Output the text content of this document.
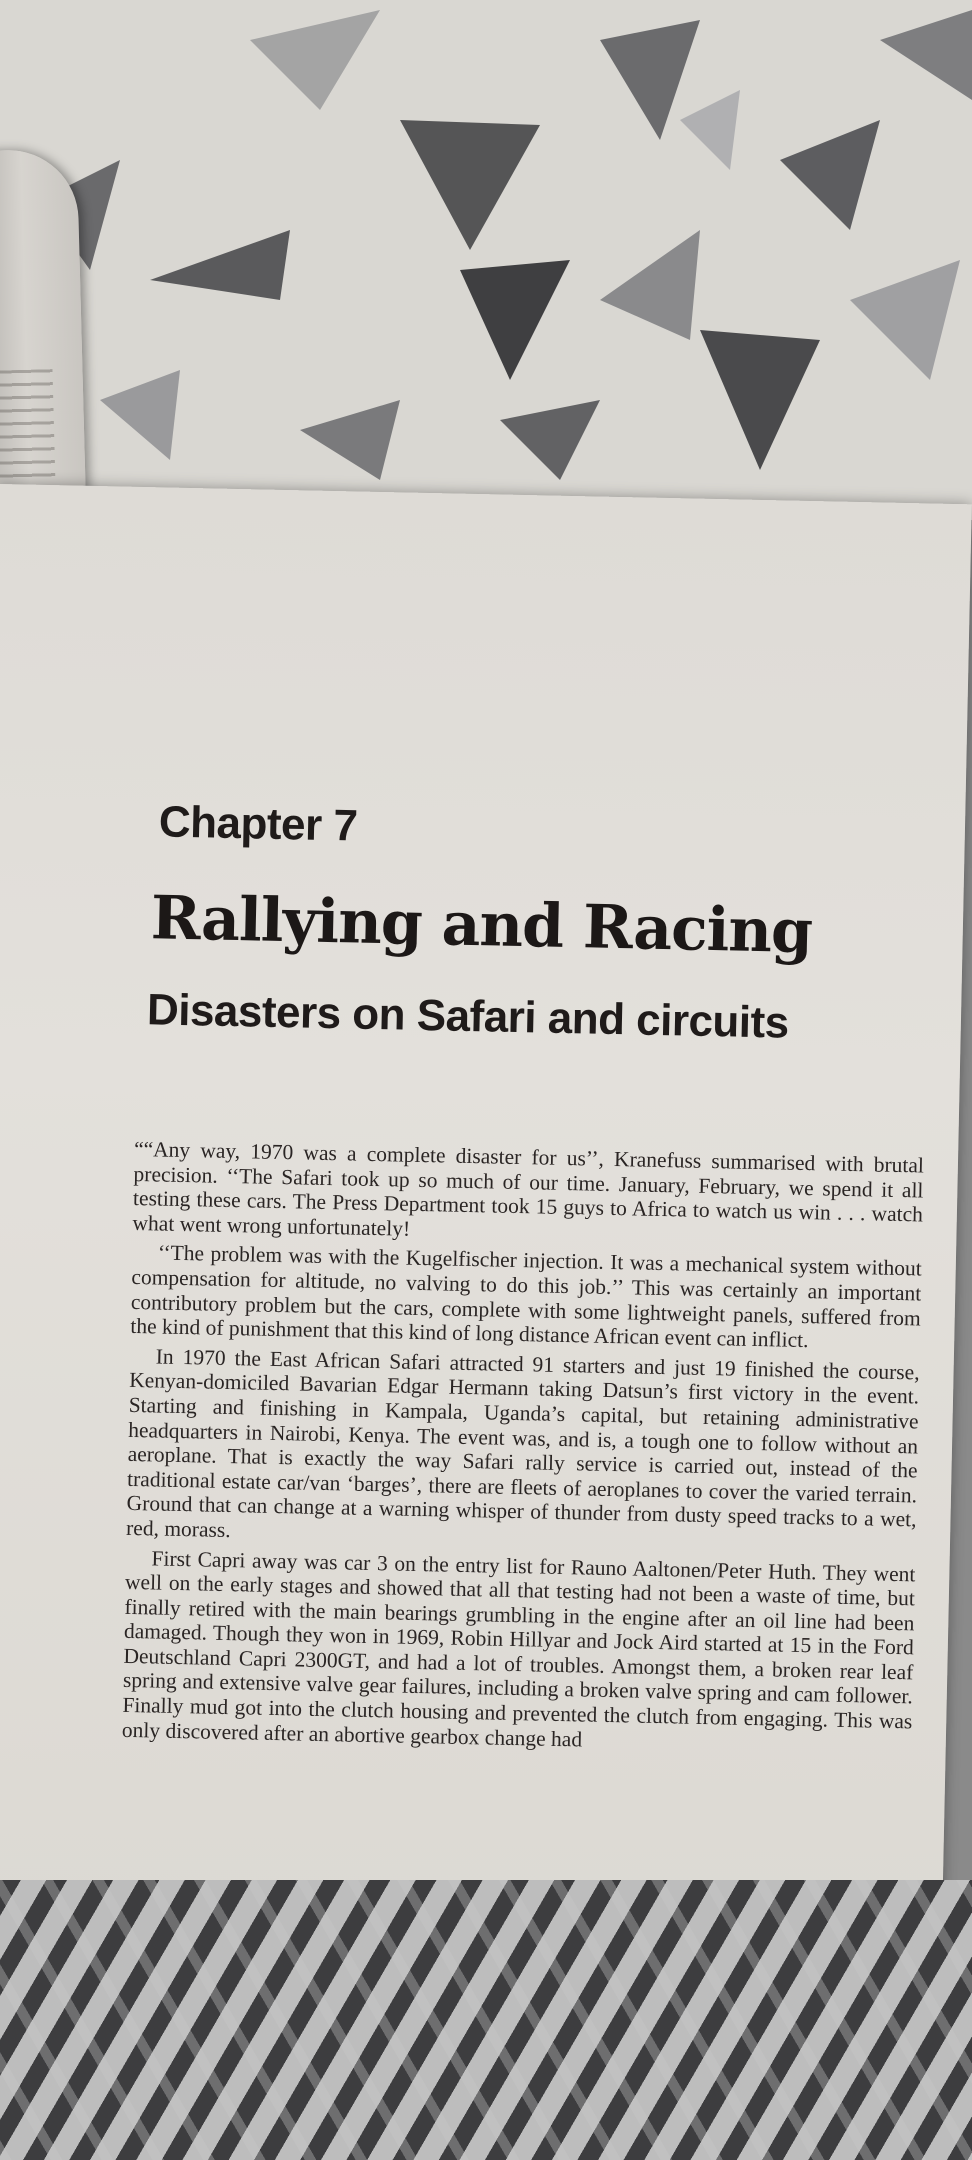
Chapter 7
Rallying and Racing
Disasters on Safari and circuits

““Any way, 1970 was a complete disaster for us’’, Kranefuss summarised with brutal precision. ‘‘The Safari took up so much of our time. January, February, we spend it all testing these cars. The Press Department took 15 guys to Africa to watch us win . . . watch what went wrong unfortunately!

‘‘The problem was with the Kugelfischer injection. It was a mechanical system without compensation for altitude, no valving to do this job.’’ This was certainly an important contributory problem but the cars, complete with some lightweight panels, suffered from the kind of punishment that this kind of long distance African event can inflict.

In 1970 the East African Safari attracted 91 starters and just 19 finished the course, Kenyan-domiciled Bavarian Edgar Hermann taking Datsun’s first victory in the event. Starting and finishing in Kampala, Uganda’s capital, but retaining administrative headquarters in Nairobi, Kenya. The event was, and is, a tough one to follow without an aeroplane. That is exactly the way Safari rally service is carried out, instead of the traditional estate car/van ‘barges’, there are fleets of aeroplanes to cover the varied terrain. Ground that can change at a warning whisper of thunder from dusty speed tracks to a wet, red, morass.

First Capri away was car 3 on the entry list for Rauno Aaltonen/Peter Huth. They went well on the early stages and showed that all that testing had not been a waste of time, but finally retired with the main bearings grumbling in the engine after an oil line had been damaged. Though they won in 1969, Robin Hillyar and Jock Aird started at 15 in the Ford Deutschland Capri 2300GT, and had a lot of troubles. Amongst them, a broken rear leaf spring and extensive valve gear failures, including a broken valve spring and cam follower. Finally mud got into the clutch housing and prevented the clutch from engaging. This was only discovered after an abortive gearbox change had
